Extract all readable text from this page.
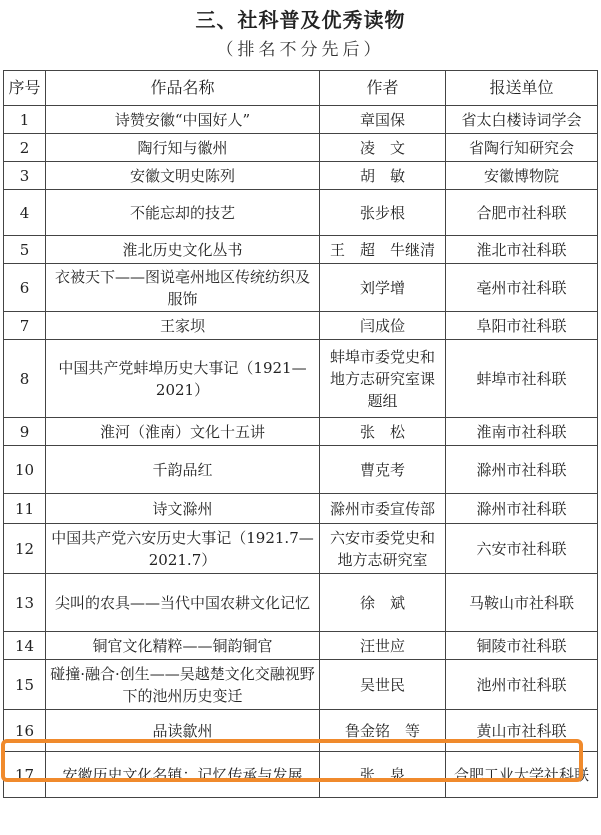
三、社科普及优秀读物
（排名不分先后）
序号	作品名称	作者	报送单位
1	诗赞安徽“中国好人”	章国保	省太白楼诗词学会
2	陶行知与徽州	凌　文	省陶行知研究会
3	安徽文明史陈列	胡　敏	安徽博物院
4	不能忘却的技艺	张步根	合肥市社科联
5	淮北历史文化丛书	王　超　牛继清	淮北市社科联
6	衣被天下——图说亳州地区传统纺织及服饰	刘学增	亳州市社科联
7	王家坝	闫成俭	阜阳市社科联
8	中国共产党蚌埠历史大事记（1921—2021）	蚌埠市委党史和地方志研究室课题组	蚌埠市社科联
9	淮河（淮南）文化十五讲	张　松	淮南市社科联
10	千韵品红	曹克考	滁州市社科联
11	诗文滁州	滁州市委宣传部	滁州市社科联
12	中国共产党六安历史大事记（1921.7—2021.7）	六安市委党史和地方志研究室	六安市社科联
13	尖叫的农具——当代中国农耕文化记忆	徐　斌	马鞍山市社科联
14	铜官文化精粹——铜韵铜官	汪世应	铜陵市社科联
15	碰撞·融合·创生——吴越楚文化交融视野下的池州历史变迁	吴世民	池州市社科联
16	品读歙州	鲁金铭　等	黄山市社科联
17	安徽历史文化名镇：记忆传承与发展	张　泉	合肥工业大学社科联
